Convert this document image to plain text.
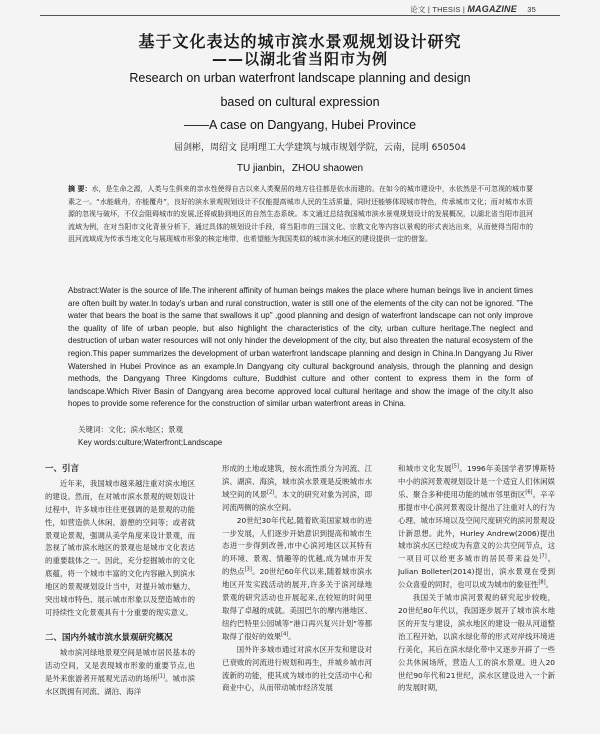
论文 | THESIS | MAGAZINE 35
基于文化表达的城市滨水景观规划设计研究
——以湖北省当阳市为例
Research on urban waterfront landscape planning and design
based on cultural expression
——A case on Dangyang, Hubei Province
屈剑彬，周绍文 昆明理工大学建筑与城市规划学院，云南，昆明 650504
TU jianbin，ZHOU shaowen
摘 要：水，是生命之源，人类与生俱来的亲水性使得自古以来人类聚居的地方往往都是依水而建的。在如今的城市建设中，水依然是不可忽视的城市要素之一。“水能载舟，亦能覆舟”，良好的滨水景观规划设计不仅能提高城市人民的生活质量，同时还能够体现城市特色，传承城市文化；而对城市水资源的忽视与破坏，不仅会阻碍城市的发展,还将威胁到地区的自然生态系统。本文通过总结我国城市滨水景观规划设计的发展概况，以湖北省当阳市沮河流域为例，在对当阳市文化背景分析下，通过具体的规划设计手段，将当阳市的三国文化、宗教文化等内容以景观的形式表达出来，从而使得当阳市的沮河流域成为传承当地文化与展现城市形象的核定地带，也希望能为我国类似的城市滨水地区的建设提供一定的借鉴。
Abstract:Water is the source of life.The inherent affinity of human beings makes the place where human beings live in ancient times are often built by water.In today's urban and rural construction, water is still one of the elements of the city can not be ignored. "The water that bears the boat is the same that swallows it up" ,good planning and design of waterfront landscape can not only improve the quality of life of urban people, but also highlight the characteristics of the city, urban culture heritage.The neglect and destruction of urban water resources will not only hinder the development of the city, but also threaten the natural ecosystem of the region.This paper summarizes the development of urban waterfront landscape planning and design in China.In Dangyang Ju River Watershed in Hubei Province as an example.In Dangyang city cultural background analysis, through the planning and design methods, the Dangyang Three Kingdoms culture, Buddhist culture and other content to express them in the form of landscape.Which River Basin of Dangyang area become approved local cultural heritage and show the image of the city.It also hopes to provide some reference for the construction of similar urban waterfront areas in China.
关键词：文化；滨水地区；景观
Key words:culture;Waterfront;Landscape
一、引言

近年来，我国城市越来越注重对滨水地区的建设。然而，在对城市滨水景观的规划设计过程中，许多城市往往更强调的是景观的功能性，如营造供人休闲、游憩的空间等；或者就景观论景观，强调从美学角度来设计景观，而忽视了城市滨水地区的景观也是城市文化表达的重要载体之一。因此，充分挖掘城市的文化底蕴，将一个城市丰富的文化内容融入到滨水地区的景观规划设计当中，对提升城市魅力、突出城市特色、展示城市形象以及塑造城市的可持续性文化景观具有十分重要的现实意义。

二、国内外城市滨水景观研究概况

城市滨河绿地景观空间是城市居民基本的活动空间，又是表现城市形象的重要节点,也是外来旅游者开展观光活动的场所[1]。城市滨水区既拥有河流、湖泊、海洋

形成的土地或建筑，按水流性质分为河流、江滨、湖滨、海滨，城市滨水景观是反映城市水域空间的风景[2]。本文的研究对象为河滨，即河流两侧的滨水空间。

20世纪30年代起,随着欧美国家城市的进一步发展，人们逐步开始意识到提高和城市生态进一步得到改善,市中心滨河地区以其特有的环境、景观、情趣等的优越,成为城市开发的热点[3]。20世纪60年代以来,随着城市滨水地区开发实践活动的展开,许多关于滨河绿地景观的研究活动也开展起来,在较短的时间里取得了卓越的成就。美国巴尔的摩内港地区、纽约巴特里公园城等“港口再兴复兴计划”等都取得了很好的效果[4]。

国外许多城市通过对滨水区开发和建设对已衰败的河流进行规划和再生，并城乡城市河流新的功能，使其成为城市的社交活动中心和商业中心，从而带动城市经济发展

和城市文化发展[5]。1996年美国学者罗博斯特中小的滨河景观规划设计是一个适宜人们休闲娱乐、聚合多种使用功能的城市邻里街区[6]。辛辛那提市中心滨河景观设计提出了注重对人的行为心理、城市环境以及空间尺度研究的滨河景观设计新思想。此外，Hurley Andrew(2006)提出城市滨水区已经成为有意义的公共空间节点，这一项目可以给更多城市的居民带来益处[7]。Julian Bolleter(2014)提出，滨水景观在受到公众喜爱的同时，也可以成为城市的象征性[8]。

我国关于城市滨河景观的研究起步较晚，20世纪80年代以，我国逐步展开了城市滨水地区的开发与建设，滨水地区的建设一般从河道整治工程开始，以滨水绿化带的形式对岸线环境进行美化，其后在滨水绿化带中又逐步开辟了一些公共休闲场所，营造人工的滨水景观。进入20世纪90年代和21世纪，滨水区建设进入一个新的发展时期，
